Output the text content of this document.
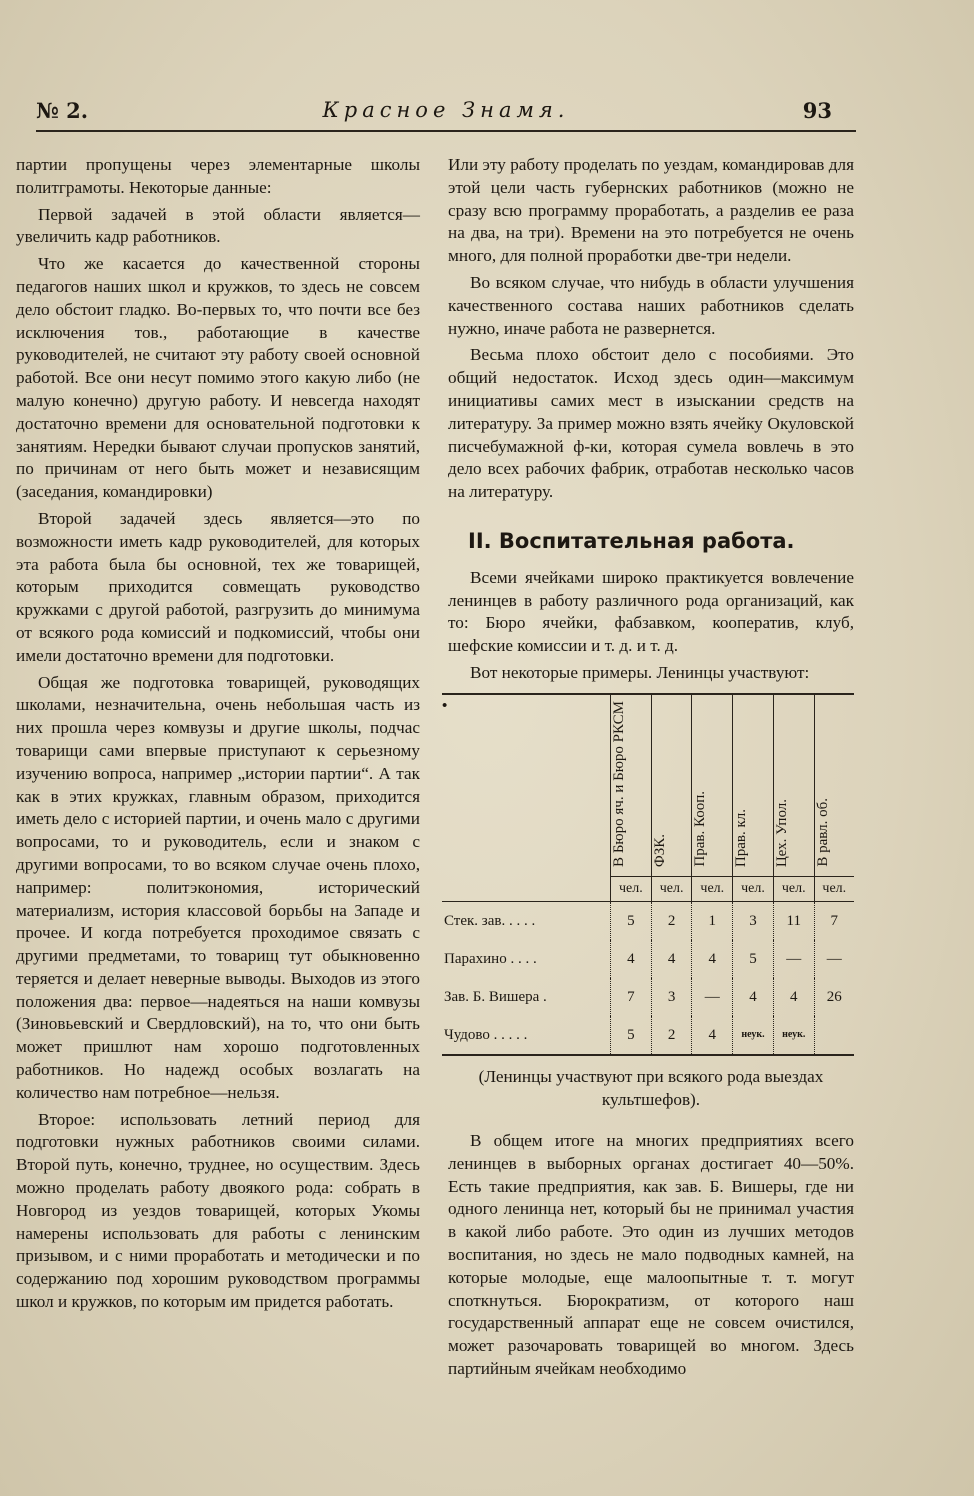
№ 2.	Красное Знамя.	93

партии пропущены через элементарные школы политграмоты. Некоторые данные:

Первой задачей в этой области является—увеличить кадр работников.

Что же касается до качественной стороны педагогов наших школ и кружков, то здесь не совсем дело обстоит гладко. Во-первых то, что почти все без исключения тов., работающие в качестве руководителей, не считают эту работу своей основной работой. Все они несут помимо этого какую либо (не малую конечно) другую работу. И невсегда находят достаточно времени для основательной подготовки к занятиям. Нередки бывают случаи пропусков занятий, по причинам от него быть может и независящим (заседания, командировки)

Второй задачей здесь является—это по возможности иметь кадр руководителей, для которых эта работа была бы основной, тех же товарищей, которым приходится совмещать руководство кружками с другой работой, разгрузить до минимума от всякого рода комиссий и подкомиссий, чтобы они имели достаточно времени для подготовки.

Общая же подготовка товарищей, руководящих школами, незначительна, очень небольшая часть из них прошла через комвузы и другие школы, подчас товарищи сами впервые приступают к серьезному изучению вопроса, например „истории партии“. А так как в этих кружках, главным образом, приходится иметь дело с историей партии, и очень мало с другими вопросами, то и руководитель, если и знаком с другими вопросами, то во всяком случае очень плохо, например: политэкономия, исторический материализм, история классовой борьбы на Западе и прочее. И когда потребуется проходимое связать с другими предметами, то товарищ тут обыкновенно теряется и делает неверные выводы. Выходов из этого положения два: первое—надеяться на наши комвузы (Зиновьевский и Свердловский), на то, что они быть может пришлют нам хорошо подготовленных работников. Но надежд особых возлагать на количество нам потребное—нельзя.

Второе: использовать летний период для подготовки нужных работников своими силами. Второй путь, конечно, труднее, но осуществим. Здесь можно проделать работу двоякого рода: собрать в Новгород из уездов товарищей, которых Укомы намерены использовать для работы с ленинским призывом, и с ними проработать и методически и по содержанию под хорошим руководством программы школ и кружков, по которым им придется работать.

Или эту работу проделать по уездам, командировав для этой цели часть губернских работников (можно не сразу всю программу проработать, а разделив ее раза на два, на три). Времени на это потребуется не очень много, для полной проработки две-три недели.

Во всяком случае, что нибудь в области улучшения качественного состава наших работников сделать нужно, иначе работа не развернется.

Весьма плохо обстоит дело с пособиями. Это общий недостаток. Исход здесь один—максимум инициативы самих мест в изыскании средств на литературу. За пример можно взять ячейку Окуловской писчебумажной ф-ки, которая сумела вовлечь в это дело всех рабочих фабрик, отработав несколько часов на литературу.

II. Воспитательная работа.

Всеми ячейками широко практикуется вовлечение ленинцев в работу различного рода организаций, как то: Бюро ячейки, фабзавком, кооператив, клуб, шефские комиссии и т. д. и т. д.

Вот некоторые примеры. Ленинцы участвуют:

•	В Бюро яч. и Бюро РКСМ	ФЗК.	Прав. Кооп.	Прав. кл.	Цех. Упол.	В равл. об.
	чел.	чел.	чел.	чел.	чел.	чел.
Стек. зав. . . . .	5	2	1	3	11	7
Парахино . . . .	4	4	4	5	—	—
Зав. Б. Вишера .	7	3	—	4	4	26
Чудово . . . . .	5	2	4	неук.	неук.	

(Ленинцы участвуют при всякого рода выездах культшефов).

В общем итоге на многих предприятиях всего ленинцев в выборных органах достигает 40—50%. Есть такие предприятия, как зав. Б. Вишеры, где ни одного ленинца нет, который бы не принимал участия в какой либо работе. Это один из лучших методов воспитания, но здесь не мало подводных камней, на которые молодые, еще малоопытные т. т. могут споткнуться. Бюрократизм, от которого наш государственный аппарат еще не совсем очистился, может разочаровать товарищей во многом. Здесь партийным ячейкам необходимо
